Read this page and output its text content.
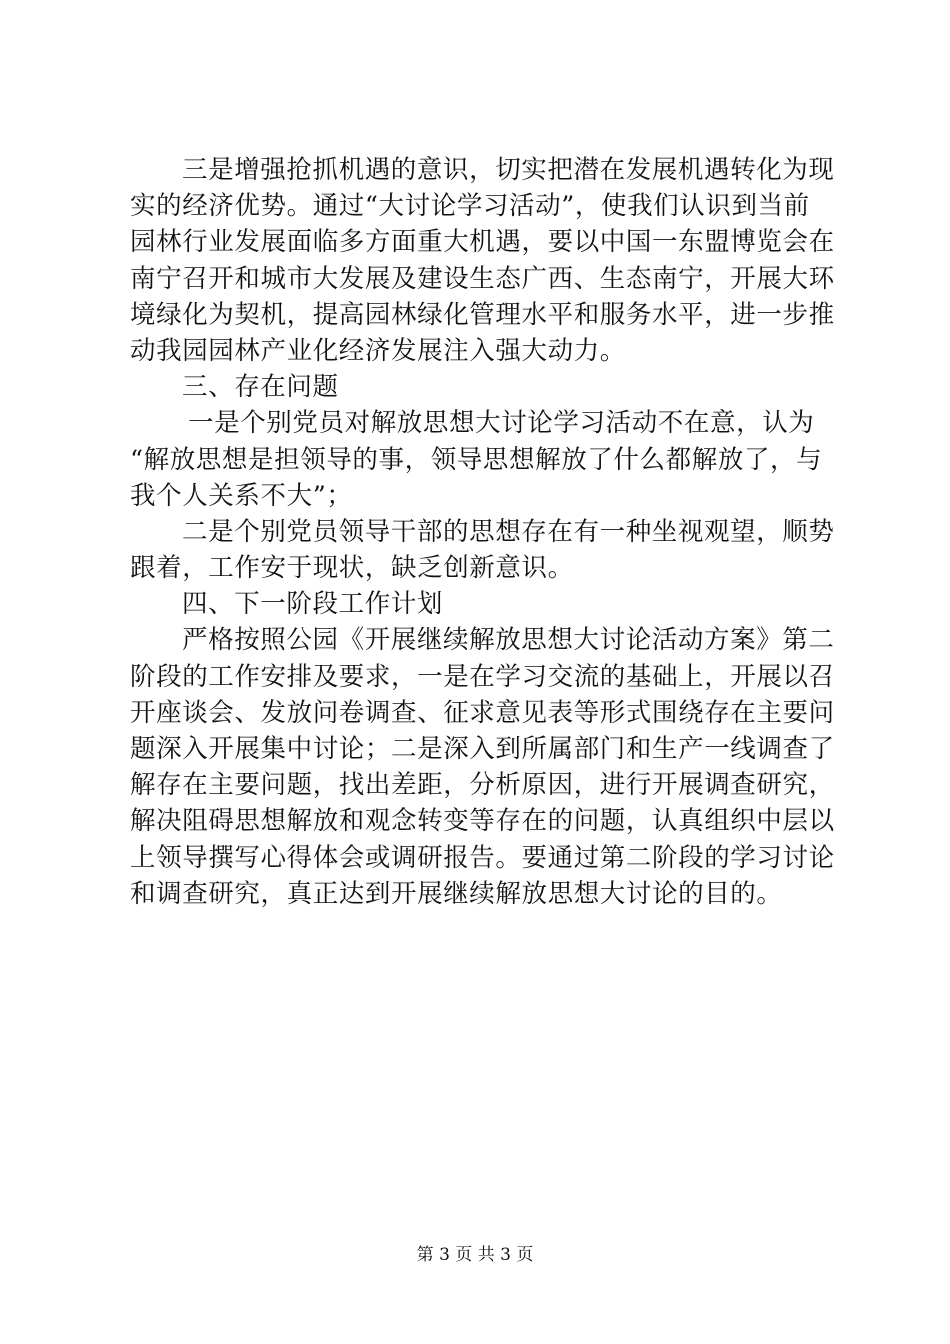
三是增强抢抓机遇的意识，切实把潜在发展机遇转化为现
实的经济优势。通过“大讨论学习活动”，使我们认识到当前
园林行业发展面临多方面重大机遇，要以中国一东盟博览会在
南宁召开和城市大发展及建设生态广西、生态南宁，开展大环
境绿化为契机，提高园林绿化管理水平和服务水平，进一步推
动我园园林产业化经济发展注入强大动力。
三、存在问题
一是个别党员对解放思想大讨论学习活动不在意，认为
“解放思想是担领导的事，领导思想解放了什么都解放了，与
我个人关系不大”；
二是个别党员领导干部的思想存在有一种坐视观望，顺势
跟着，工作安于现状，缺乏创新意识。
四、下一阶段工作计划
严格按照公园《开展继续解放思想大讨论活动方案》第二
阶段的工作安排及要求，一是在学习交流的基础上，开展以召
开座谈会、发放问卷调查、征求意见表等形式围绕存在主要问
题深入开展集中讨论；二是深入到所属部门和生产一线调查了
解存在主要问题，找出差距，分析原因，进行开展调查研究，
解决阻碍思想解放和观念转变等存在的问题，认真组织中层以
上领导撰写心得体会或调研报告。要通过第二阶段的学习讨论
和调查研究，真正达到开展继续解放思想大讨论的目的。
第 3 页 共 3 页
